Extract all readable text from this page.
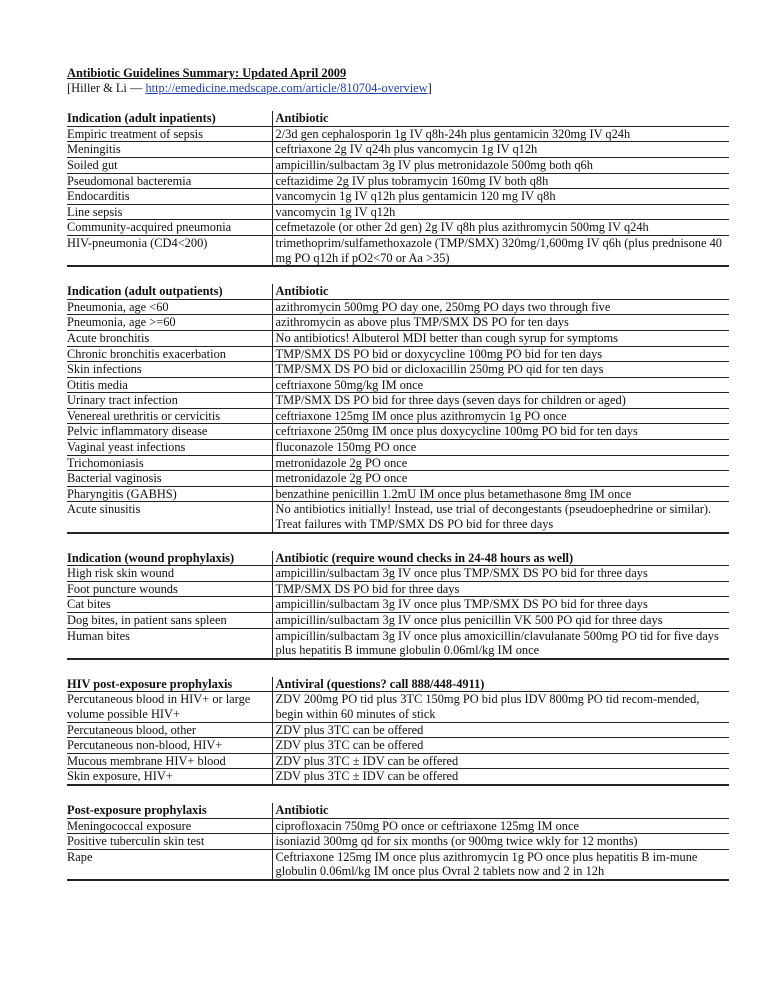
Antibiotic Guidelines Summary: Updated April 2009

[Hiller & Li — http://emedicine.medscape.com/article/810704-overview]

Indication (adult inpatients)	Antibiotic
Empiric treatment of sepsis	2/3d gen cephalosporin 1g IV q8h-24h plus gentamicin 320mg IV q24h
Meningitis	ceftriaxone 2g IV q24h plus vancomycin 1g IV q12h
Soiled gut	ampicillin/sulbactam 3g IV plus metronidazole 500mg both q6h
Pseudomonal bacteremia	ceftazidime 2g IV plus tobramycin 160mg IV both q8h
Endocarditis	vancomycin 1g IV q12h plus gentamicin 120 mg IV q8h
Line sepsis	vancomycin 1g IV q12h
Community-acquired pneumonia	cefmetazole (or other 2d gen) 2g IV q8h plus azithromycin 500mg IV q24h
HIV-pneumonia (CD4<200)	trimethoprim/sulfamethoxazole (TMP/SMX) 320mg/1,600mg IV q6h (plus prednisone 40 mg PO q12h if pO2<70 or Aa >35)
Indication (adult outpatients)	Antibiotic
Pneumonia, age <60	azithromycin 500mg PO day one, 250mg PO days two through five
Pneumonia, age >=60	azithromycin as above plus TMP/SMX DS PO for ten days
Acute bronchitis	No antibiotics! Albuterol MDI better than cough syrup for symptoms
Chronic bronchitis exacerbation	TMP/SMX DS PO bid or doxycycline 100mg PO bid for ten days
Skin infections	TMP/SMX DS PO bid or dicloxacillin 250mg PO qid for ten days
Otitis media	ceftriaxone 50mg/kg IM once
Urinary tract infection	TMP/SMX DS PO bid for three days (seven days for children or aged)
Venereal urethritis or cervicitis	ceftriaxone 125mg IM once plus azithromycin 1g PO once
Pelvic inflammatory disease	ceftriaxone 250mg IM once plus doxycycline 100mg PO bid for ten days
Vaginal yeast infections	fluconazole 150mg PO once
Trichomoniasis	metronidazole 2g PO once
Bacterial vaginosis	metronidazole 2g PO once
Pharyngitis (GABHS)	benzathine penicillin 1.2mU IM once plus betamethasone 8mg IM once
Acute sinusitis	No antibiotics initially! Instead, use trial of decongestants (pseudoephedrine or similar). Treat failures with TMP/SMX DS PO bid for three days
Indication (wound prophylaxis)	Antibiotic (require wound checks in 24-48 hours as well)
High risk skin wound	ampicillin/sulbactam 3g IV once plus TMP/SMX DS PO bid for three days
Foot puncture wounds	TMP/SMX DS PO bid for three days
Cat bites	ampicillin/sulbactam 3g IV once plus TMP/SMX DS PO bid for three days
Dog bites, in patient sans spleen	ampicillin/sulbactam 3g IV once plus penicillin VK 500 PO qid for three days
Human bites	ampicillin/sulbactam 3g IV once plus amoxicillin/clavulanate 500mg PO tid for five days plus hepatitis B immune globulin 0.06ml/kg IM once
HIV post-exposure prophylaxis	Antiviral (questions? call 888/448-4911)
Percutaneous blood in HIV+ or large volume possible HIV+	ZDV 200mg PO tid plus 3TC 150mg PO bid plus IDV 800mg PO tid recom-mended, begin within 60 minutes of stick
Percutaneous blood, other	ZDV plus 3TC can be offered
Percutaneous non-blood, HIV+	ZDV plus 3TC can be offered
Mucous membrane HIV+ blood	ZDV plus 3TC ± IDV can be offered
Skin exposure, HIV+	ZDV plus 3TC ± IDV can be offered
Post-exposure prophylaxis	Antibiotic
Meningococcal exposure	ciprofloxacin 750mg PO once or ceftriaxone 125mg IM once
Positive tuberculin skin test	isoniazid 300mg qd for six months (or 900mg twice wkly for 12 months)
Rape	Ceftriaxone 125mg IM once plus azithromycin 1g PO once plus hepatitis B im-mune globulin 0.06ml/kg IM once plus Ovral 2 tablets now and 2 in 12h
